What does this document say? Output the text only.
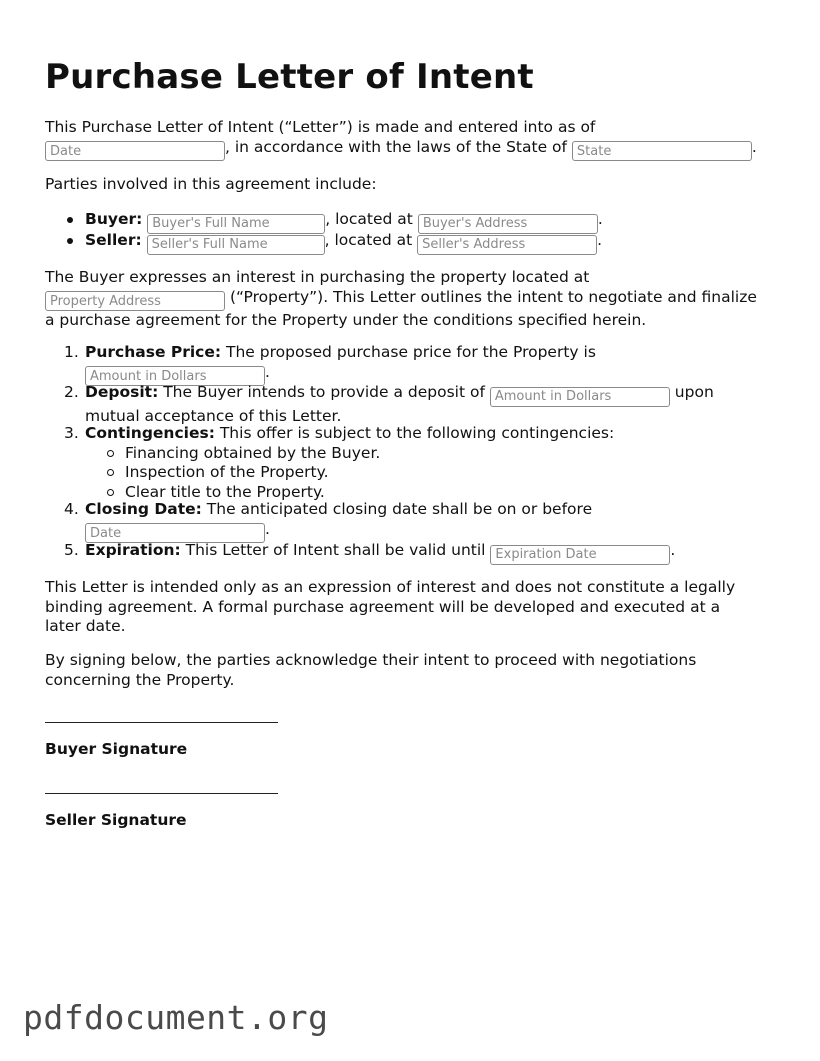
Purchase Letter of Intent
This Purchase Letter of Intent (“Letter”) is made and entered into as of
Date, in accordance with the laws of the State of State	.
Parties involved in this agreement include:
Buyer: Buyer's Full Name	, located at Buyer's Address	.
Seller: Seller's Full Name	, located at Seller's Address	.
The Buyer expresses an interest in purchasing the property located at
Property Address (“Property”). This Letter outlines the intent to negotiate and finalize
a purchase agreement for the Property under the conditions specified herein.
1. Purchase Price: The proposed purchase price for the Property is
Amount in Dollars.
2. Deposit: The Buyer intends to provide a deposit of Amount in Dollars	upon
mutual acceptance of this Letter.
3. Contingencies: This offer is subject to the following contingencies:
Financing obtained by the Buyer.
Inspection of the Property.
Clear title to the Property.
4. Closing Date: The anticipated closing date shall be on or before
Date.
5. Expiration: This Letter of Intent shall be valid until Expiration Date	.
This Letter is intended only as an expression of interest and does not constitute a legally
binding agreement. A formal purchase agreement will be developed and executed at a
later date.
By signing below, the parties acknowledge their intent to proceed with negotiations
concerning the Property.
Buyer Signature
Seller Signature
pdfdocument.org
